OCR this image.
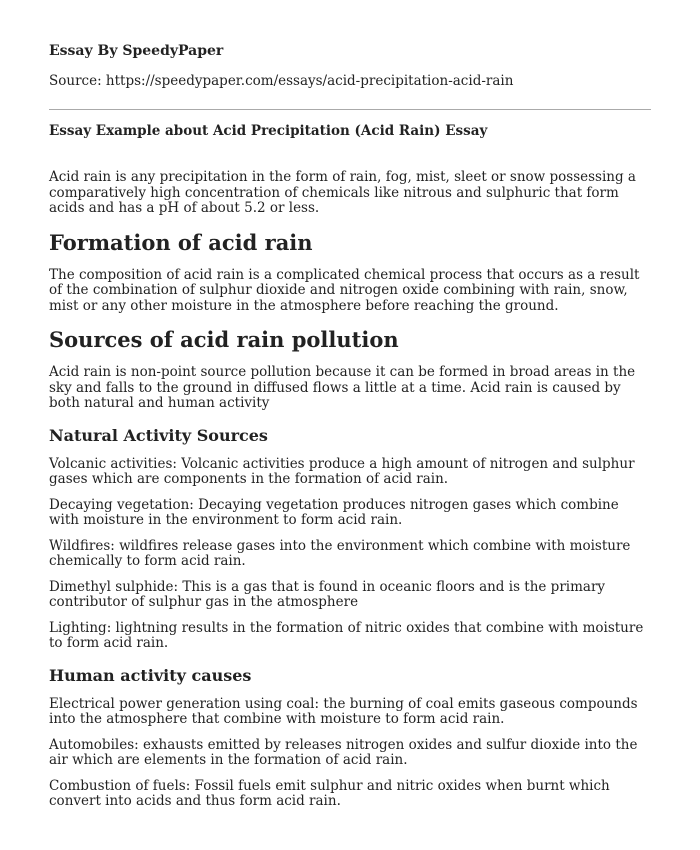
Essay By SpeedyPaper
Source: https://speedypaper.com/essays/acid-precipitation-acid-rain
Essay Example about Acid Precipitation (Acid Rain) Essay

Acid rain is any precipitation in the form of rain, fog, mist, sleet or snow possessing a comparatively high concentration of chemicals like nitrous and sulphuric that form acids and has a pH of about 5.2 or less.

Formation of acid rain

The composition of acid rain is a complicated chemical process that occurs as a result of the combination of sulphur dioxide and nitrogen oxide combining with rain, snow, mist or any other moisture in the atmosphere before reaching the ground.

Sources of acid rain pollution

Acid rain is non-point source pollution because it can be formed in broad areas in the sky and falls to the ground in diffused flows a little at a time. Acid rain is caused by both natural and human activity

Natural Activity Sources

Volcanic activities: Volcanic activities produce a high amount of nitrogen and sulphur gases which are components in the formation of acid rain.

Decaying vegetation: Decaying vegetation produces nitrogen gases which combine with moisture in the environment to form acid rain.

Wildfires: wildfires release gases into the environment which combine with moisture chemically to form acid rain.

Dimethyl sulphide: This is a gas that is found in oceanic floors and is the primary contributor of sulphur gas in the atmosphere

Lighting: lightning results in the formation of nitric oxides that combine with moisture to form acid rain.

Human activity causes

Electrical power generation using coal: the burning of coal emits gaseous compounds into the atmosphere that combine with moisture to form acid rain.

Automobiles: exhausts emitted by releases nitrogen oxides and sulfur dioxide into the air which are elements in the formation of acid rain.

Combustion of fuels: Fossil fuels emit sulphur and nitric oxides when burnt which convert into acids and thus form acid rain.
